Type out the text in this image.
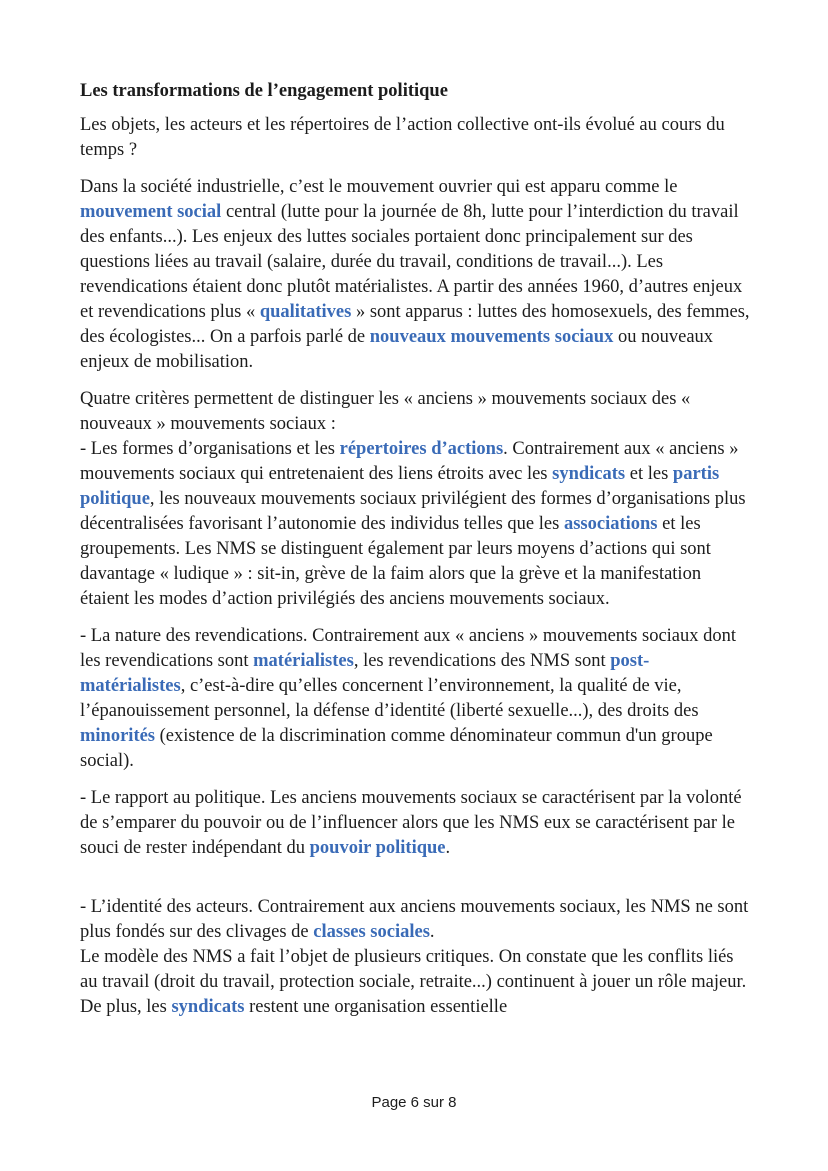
Les transformations de l’engagement politique

Les objets, les acteurs et les répertoires de l’action collective ont-ils évolué au cours du temps ?

Dans la société industrielle, c’est le mouvement ouvrier qui est apparu comme le mouvement social central (lutte pour la journée de 8h, lutte pour l’interdiction du travail des enfants...). Les enjeux des luttes sociales portaient donc principalement sur des questions liées au travail (salaire, durée du travail, conditions de travail...). Les revendications étaient donc plutôt matérialistes. A partir des années 1960, d’autres enjeux et revendications plus « qualitatives » sont apparus : luttes des homosexuels, des femmes, des écologistes... On a parfois parlé de nouveaux mouvements sociaux ou nouveaux enjeux de mobilisation.

Quatre critères permettent de distinguer les « anciens » mouvements sociaux des « nouveaux » mouvements sociaux :
- Les formes d’organisations et les répertoires d’actions. Contrairement aux « anciens » mouvements sociaux qui entretenaient des liens étroits avec les syndicats et les partis politique, les nouveaux mouvements sociaux privilégient des formes d’organisations plus décentralisées favorisant l’autonomie des individus telles que les associations et les groupements. Les NMS se distinguent également par leurs moyens d’actions qui sont davantage « ludique » : sit-in, grève de la faim alors que la grève et la manifestation étaient les modes d’action privilégiés des anciens mouvements sociaux.

- La nature des revendications. Contrairement aux « anciens » mouvements sociaux dont les revendications sont matérialistes, les revendications des NMS sont post-matérialistes, c’est-à-dire qu’elles concernent l’environnement, la qualité de vie, l’épanouissement personnel, la défense d’identité (liberté sexuelle...), des droits des minorités (existence de la discrimination comme dénominateur commun d'un groupe social).

- Le rapport au politique. Les anciens mouvements sociaux se caractérisent par la volonté de s’emparer du pouvoir ou de l’influencer alors que les NMS eux se caractérisent par le souci de rester indépendant du pouvoir politique.

- L’identité des acteurs. Contrairement aux anciens mouvements sociaux, les NMS ne sont plus fondés sur des clivages de classes sociales.
Le modèle des NMS a fait l’objet de plusieurs critiques. On constate que les conflits liés au travail (droit du travail, protection sociale, retraite...) continuent à jouer un rôle majeur. De plus, les syndicats restent une organisation essentielle

Page 6 sur 8
